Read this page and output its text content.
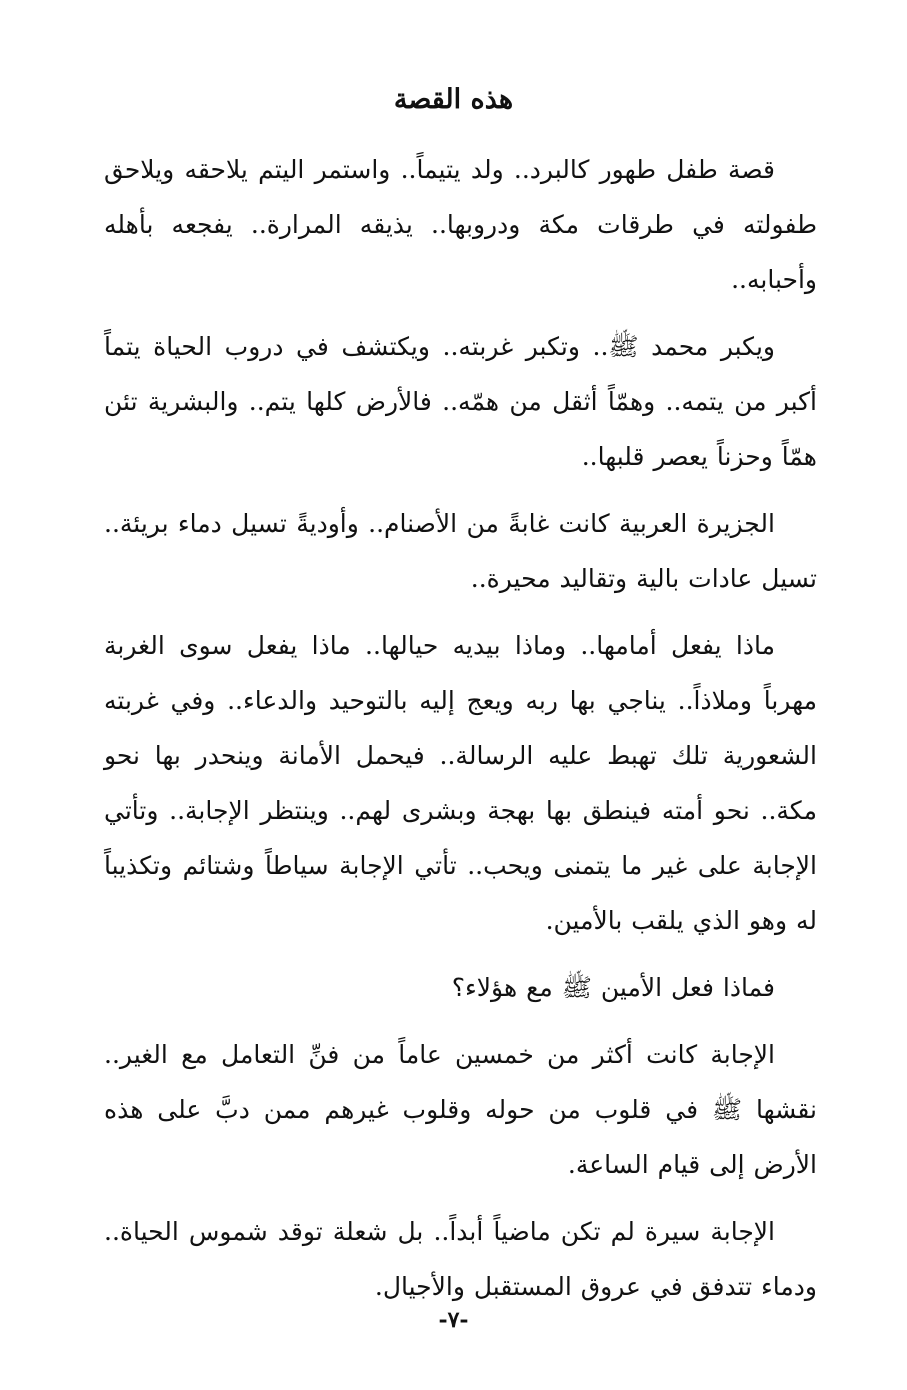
هذه القصة

قصة طفل طهور كالبرد.. ولد يتيماً.. واستمر اليتم يلاحقه ويلاحق طفولته في طرقات مكة ودروبها.. يذيقه المرارة.. يفجعه بأهله وأحبابه..

ويكبر محمد ﷺ.. وتكبر غربته.. ويكتشف في دروب الحياة يتماً أكبر من يتمه.. وهمّاً أثقل من همّه.. فالأرض كلها يتم.. والبشرية تئن همّاً وحزناً يعصر قلبها..

الجزيرة العربية كانت غابةً من الأصنام.. وأوديةً تسيل دماء بريئة.. تسيل عادات بالية وتقاليد محيرة..

ماذا يفعل أمامها.. وماذا بيديه حيالها.. ماذا يفعل سوى الغربة مهرباً وملاذاً.. يناجي بها ربه ويعج إليه بالتوحيد والدعاء.. وفي غربته الشعورية تلك تهبط عليه الرسالة.. فيحمل الأمانة وينحدر بها نحو مكة.. نحو أمته فينطق بها بهجة وبشرى لهم.. وينتظر الإجابة.. وتأتي الإجابة على غير ما يتمنى ويحب.. تأتي الإجابة سياطاً وشتائم وتكذيباً له وهو الذي يلقب بالأمين.

فماذا فعل الأمين ﷺ مع هؤلاء؟

الإجابة كانت أكثر من خمسين عاماً من فنِّ التعامل مع الغير.. نقشها ﷺ في قلوب من حوله وقلوب غيرهم ممن دبَّ على هذه الأرض إلى قيام الساعة.

الإجابة سيرة لم تكن ماضياً أبداً.. بل شعلة توقد شموس الحياة.. ودماء تتدفق في عروق المستقبل والأجيال.

-٧-
